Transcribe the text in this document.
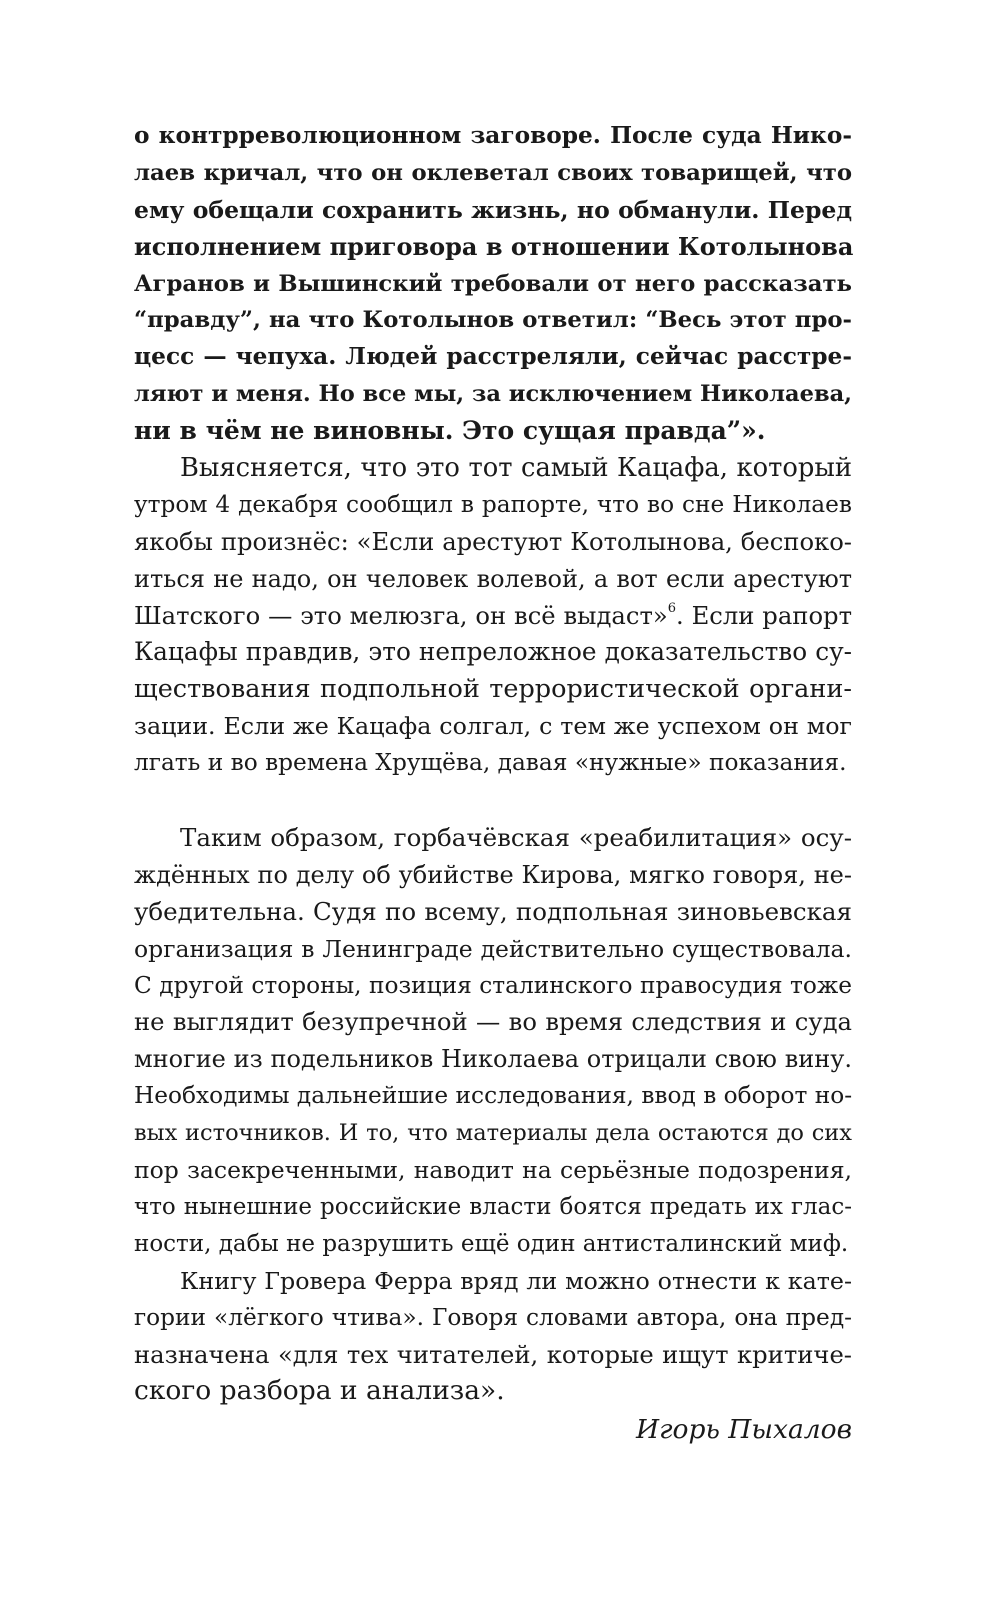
о контрреволюционном заговоре. После суда Нико-
лаев кричал, что он оклеветал своих товарищей, что
ему обещали сохранить жизнь, но обманули. Перед
исполнением приговора в отношении Котолынова
Агранов и Вышинский требовали от него рассказать
“правду”, на что Котолынов ответил: “Весь этот про-
цесс — чепуха. Людей расстреляли, сейчас расстре-
ляют и меня. Но все мы, за исключением Николаева,
ни в чём не виновны. Это сущая правда”».
Выясняется, что это тот самый Кацафа, который
утром 4 декабря сообщил в рапорте, что во сне Николаев
якобы произнёс: «Если арестуют Котолынова, беспоко-
иться не надо, он человек волевой, а вот если арестуют
Шатского — это мелюзга, он всё выдаст»$^6$. Если рапорт
Кацафы правдив, это непреложное доказательство су-
ществования подпольной террористической органи-
зации. Если же Кацафа солгал, с тем же успехом он мог
лгать и во времена Хрущёва, давая «нужные» показания.
Таким образом, горбачёвская «реабилитация» осу-
ждённых по делу об убийстве Кирова, мягко говоря, не-
убедительна. Судя по всему, подпольная зиновьевская
организация в Ленинграде действительно существовала.
С другой стороны, позиция сталинского правосудия тоже
не выглядит безупречной — во время следствия и суда
многие из подельников Николаева отрицали свою вину.
Необходимы дальнейшие исследования, ввод в оборот но-
вых источников. И то, что материалы дела остаются до сих
пор засекреченными, наводит на серьёзные подозрения,
что нынешние российские власти боятся предать их глас-
ности, дабы не разрушить ещё один антисталинский миф.
Книгу Гровера Ферра вряд ли можно отнести к кате-
гории «лёгкого чтива». Говоря словами автора, она пред-
назначена «для тех читателей, которые ищут критиче-
ского разбора и анализа».
Игорь Пыхалов
